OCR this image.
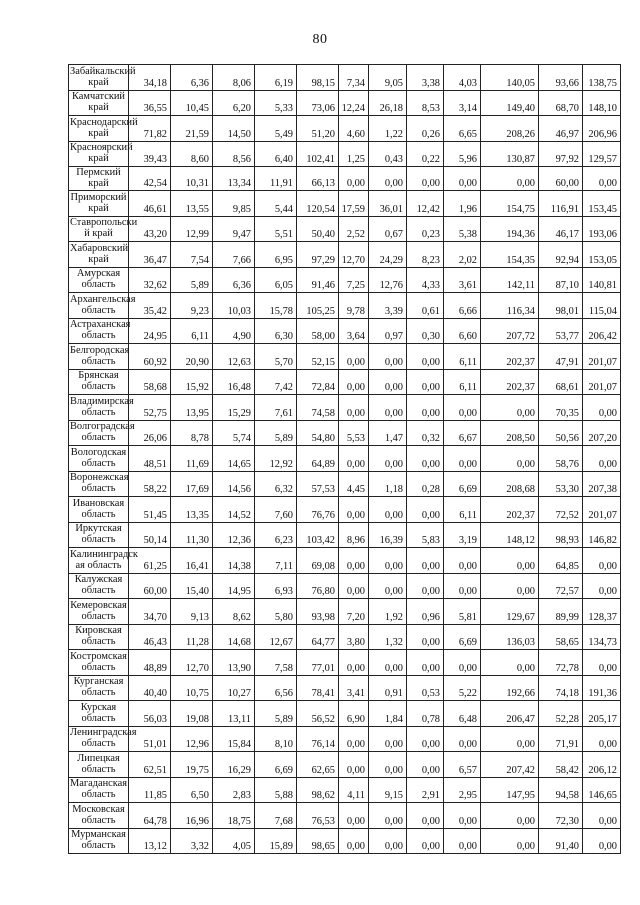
80
Забайкальский край	34,18	6,36	8,06	6,19	98,15	7,34	9,05	3,38	4,03	140,05	93,66	138,75
Камчатский край	36,55	10,45	6,20	5,33	73,06	12,24	26,18	8,53	3,14	149,40	68,70	148,10
Краснодарский край	71,82	21,59	14,50	5,49	51,20	4,60	1,22	0,26	6,65	208,26	46,97	206,96
Красноярский край	39,43	8,60	8,56	6,40	102,41	1,25	0,43	0,22	5,96	130,87	97,92	129,57
Пермский край	42,54	10,31	13,34	11,91	66,13	0,00	0,00	0,00	0,00	0,00	60,00	0,00
Приморский край	46,61	13,55	9,85	5,44	120,54	17,59	36,01	12,42	1,96	154,75	116,91	153,45
Ставропольски й край	43,20	12,99	9,47	5,51	50,40	2,52	0,67	0,23	5,38	194,36	46,17	193,06
Хабаровский край	36,47	7,54	7,66	6,95	97,29	12,70	24,29	8,23	2,02	154,35	92,94	153,05
Амурская область	32,62	5,89	6,36	6,05	91,46	7,25	12,76	4,33	3,61	142,11	87,10	140,81
Архангельская область	35,42	9,23	10,03	15,78	105,25	9,78	3,39	0,61	6,66	116,34	98,01	115,04
Астраханская область	24,95	6,11	4,90	6,30	58,00	3,64	0,97	0,30	6,60	207,72	53,77	206,42
Белгородская область	60,92	20,90	12,63	5,70	52,15	0,00	0,00	0,00	6,11	202,37	47,91	201,07
Брянская область	58,68	15,92	16,48	7,42	72,84	0,00	0,00	0,00	6,11	202,37	68,61	201,07
Владимирская область	52,75	13,95	15,29	7,61	74,58	0,00	0,00	0,00	0,00	0,00	70,35	0,00
Волгоградская область	26,06	8,78	5,74	5,89	54,80	5,53	1,47	0,32	6,67	208,50	50,56	207,20
Вологодская область	48,51	11,69	14,65	12,92	64,89	0,00	0,00	0,00	0,00	0,00	58,76	0,00
Воронежская область	58,22	17,69	14,56	6,32	57,53	4,45	1,18	0,28	6,69	208,68	53,30	207,38
Ивановская область	51,45	13,35	14,52	7,60	76,76	0,00	0,00	0,00	6,11	202,37	72,52	201,07
Иркутская область	50,14	11,30	12,36	6,23	103,42	8,96	16,39	5,83	3,19	148,12	98,93	146,82
Калининградск ая область	61,25	16,41	14,38	7,11	69,08	0,00	0,00	0,00	0,00	0,00	64,85	0,00
Калужская область	60,00	15,40	14,95	6,93	76,80	0,00	0,00	0,00	0,00	0,00	72,57	0,00
Кемеровская область	34,70	9,13	8,62	5,80	93,98	7,20	1,92	0,96	5,81	129,67	89,99	128,37
Кировская область	46,43	11,28	14,68	12,67	64,77	3,80	1,32	0,00	6,69	136,03	58,65	134,73
Костромская область	48,89	12,70	13,90	7,58	77,01	0,00	0,00	0,00	0,00	0,00	72,78	0,00
Курганская область	40,40	10,75	10,27	6,56	78,41	3,41	0,91	0,53	5,22	192,66	74,18	191,36
Курская область	56,03	19,08	13,11	5,89	56,52	6,90	1,84	0,78	6,48	206,47	52,28	205,17
Ленинградская область	51,01	12,96	15,84	8,10	76,14	0,00	0,00	0,00	0,00	0,00	71,91	0,00
Липецкая область	62,51	19,75	16,29	6,69	62,65	0,00	0,00	0,00	6,57	207,42	58,42	206,12
Магаданская область	11,85	6,50	2,83	5,88	98,62	4,11	9,15	2,91	2,95	147,95	94,58	146,65
Московская область	64,78	16,96	18,75	7,68	76,53	0,00	0,00	0,00	0,00	0,00	72,30	0,00
Мурманская область	13,12	3,32	4,05	15,89	98,65	0,00	0,00	0,00	0,00	0,00	91,40	0,00
